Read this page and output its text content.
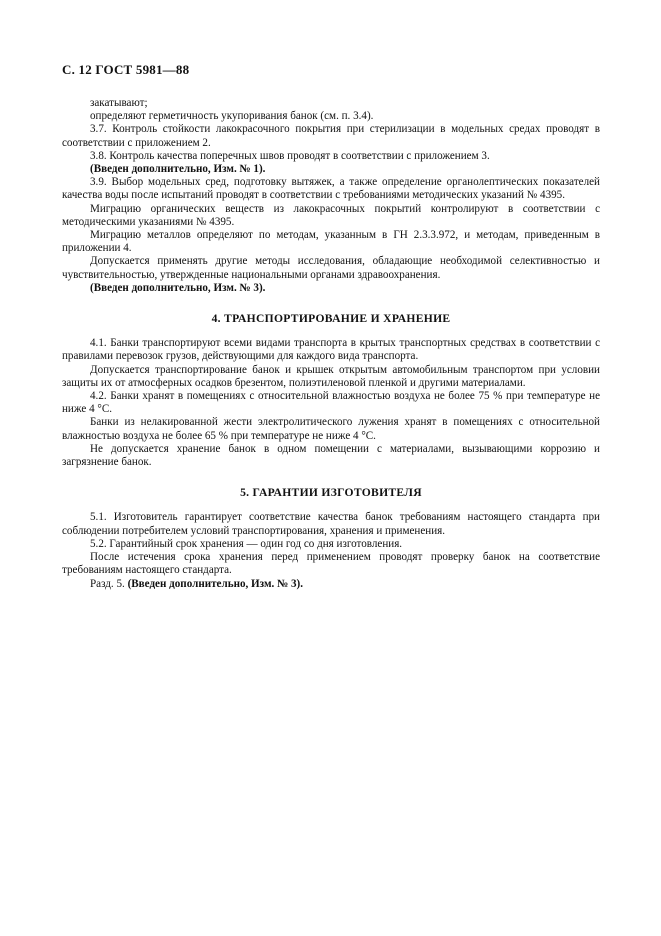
С. 12 ГОСТ 5981—88

закатывают;

определяют герметичность укупоривания банок (см. п. 3.4).

3.7. Контроль стойкости лакокрасочного покрытия при стерилизации в модельных средах проводят в соответствии с приложением 2.

3.8. Контроль качества поперечных швов проводят в соответствии с приложением 3.

(Введен дополнительно, Изм. № 1).

3.9. Выбор модельных сред, подготовку вытяжек, а также определение органолептических показателей качества воды после испытаний проводят в соответствии с требованиями методических указаний № 4395.

Миграцию органических веществ из лакокрасочных покрытий контролируют в соответствии с методическими указаниями № 4395.

Миграцию металлов определяют по методам, указанным в ГН 2.3.3.972, и методам, приведенным в приложении 4.

Допускается применять другие методы исследования, обладающие необходимой селективностью и чувствительностью, утвержденные национальными органами здравоохранения.

(Введен дополнительно, Изм. № 3).

4. ТРАНСПОРТИРОВАНИЕ И ХРАНЕНИЕ

4.1. Банки транспортируют всеми видами транспорта в крытых транспортных средствах в соответствии с правилами перевозок грузов, действующими для каждого вида транспорта.

Допускается транспортирование банок и крышек открытым автомобильным транспортом при условии защиты их от атмосферных осадков брезентом, полиэтиленовой пленкой и другими материалами.

4.2. Банки хранят в помещениях с относительной влажностью воздуха не более 75 % при температуре не ниже 4 °С.

Банки из нелакированной жести электролитического лужения хранят в помещениях с относительной влажностью воздуха не более 65 % при температуре не ниже 4 °С.

Не допускается хранение банок в одном помещении с материалами, вызывающими коррозию и загрязнение банок.

5. ГАРАНТИИ ИЗГОТОВИТЕЛЯ

5.1. Изготовитель гарантирует соответствие качества банок требованиям настоящего стандарта при соблюдении потребителем условий транспортирования, хранения и применения.

5.2. Гарантийный срок хранения — один год со дня изготовления.

После истечения срока хранения перед применением проводят проверку банок на соответствие требованиям настоящего стандарта.

Разд. 5. (Введен дополнительно, Изм. № 3).
